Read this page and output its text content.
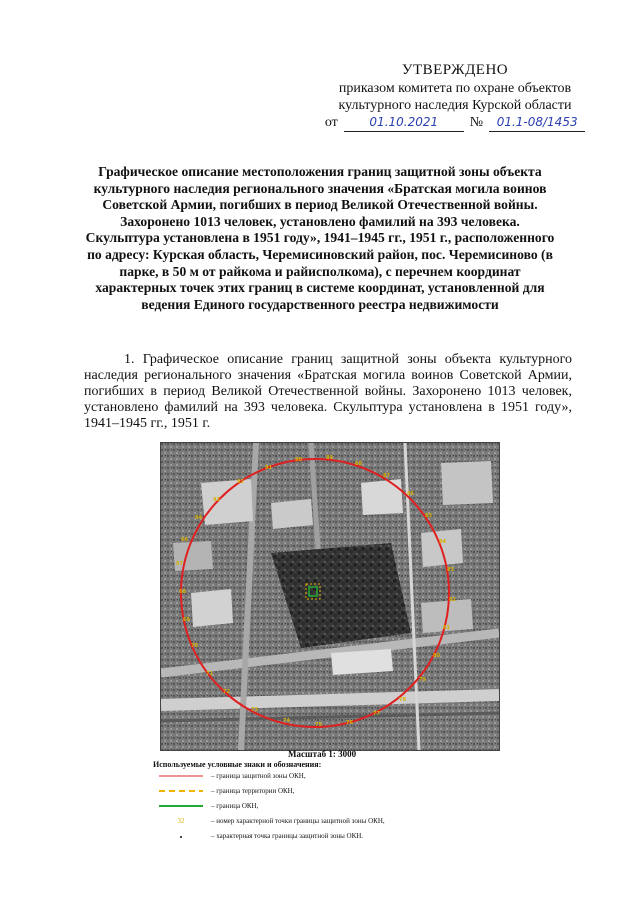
УТВЕРЖДЕНО
приказом комитета по охране объектов
культурного наследия Курской области
от	01.10.2021	№	01.1-08/1453
Графическое описание местоположения границ защитной зоны объекта культурного наследия регионального значения «Братская могила воинов Советской Армии, погибших в период Великой Отечественной войны. Захоронено 1013 человек, установлено фамилий на 393 человека. Скульптура установлена в 1951 году», 1941–1945 гг., 1951 г., расположенного по адресу: Курская область, Черемисиновский район, пос. Черемисиново (в парке, в 50 м от райкома и райисполкома), с перечнем координат характерных точек этих границ в системе координат, установленной для ведения Единого государственного реестра недвижимости
1. Графическое описание границ защитной зоны объекта культурного наследия регионального значения «Братская могила воинов Советской Армии, погибших в период Великой Отечественной войны. Захоронено 1013 человек, установлено фамилий на 393 человека. Скульптура установлена в 1951 году», 1941–1945 гг., 1951 г.
66
67
68
69
70
71
72
73
74
75	76
77
78
79
80
81
82
83
84
85
86
87
88
89
90
91
92
93
94
Масштаб 1: 3000
Используемые условные знаки и обозначения:
– граница защитной зоны ОКН,
– граница территории ОКН,
– граница ОКН,
32	– номер характерной точки границы защитной зоны ОКН,
– характерная точка границы защитной зоны ОКН.
